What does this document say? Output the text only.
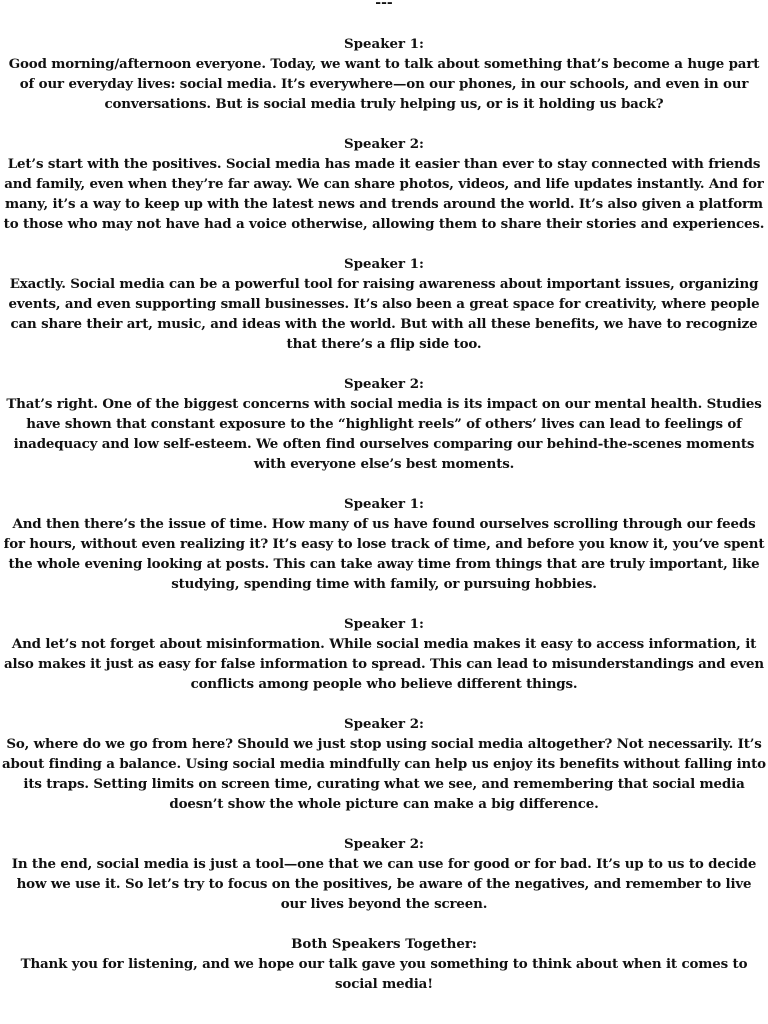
---
Speaker 1:
Good morning/afternoon everyone. Today, we want to talk about something that’s become a huge part of our everyday lives: social media. It’s everywhere—on our phones, in our schools, and even in our conversations. But is social media truly helping us, or is it holding us back?
Speaker 2:
Let’s start with the positives. Social media has made it easier than ever to stay connected with friends and family, even when they’re far away. We can share photos, videos, and life updates instantly. And for many, it’s a way to keep up with the latest news and trends around the world. It’s also given a platform to those who may not have had a voice otherwise, allowing them to share their stories and experiences.
Speaker 1:
Exactly. Social media can be a powerful tool for raising awareness about important issues, organizing events, and even supporting small businesses. It’s also been a great space for creativity, where people can share their art, music, and ideas with the world. But with all these benefits, we have to recognize that there’s a flip side too.
Speaker 2:
That’s right. One of the biggest concerns with social media is its impact on our mental health. Studies have shown that constant exposure to the “highlight reels” of others’ lives can lead to feelings of inadequacy and low self-esteem. We often find ourselves comparing our behind-the-scenes moments with everyone else’s best moments.
Speaker 1:
And then there’s the issue of time. How many of us have found ourselves scrolling through our feeds for hours, without even realizing it? It’s easy to lose track of time, and before you know it, you’ve spent the whole evening looking at posts. This can take away time from things that are truly important, like studying, spending time with family, or pursuing hobbies.
Speaker 1:
And let’s not forget about misinformation. While social media makes it easy to access information, it also makes it just as easy for false information to spread. This can lead to misunderstandings and even conflicts among people who believe different things.
Speaker 2:
So, where do we go from here? Should we just stop using social media altogether? Not necessarily. It’s about finding a balance. Using social media mindfully can help us enjoy its benefits without falling into its traps. Setting limits on screen time, curating what we see, and remembering that social media doesn’t show the whole picture can make a big difference.
Speaker 2:
In the end, social media is just a tool—one that we can use for good or for bad. It’s up to us to decide how we use it. So let’s try to focus on the positives, be aware of the negatives, and remember to live our lives beyond the screen.
Both Speakers Together:
Thank you for listening, and we hope our talk gave you something to think about when it comes to social media!
